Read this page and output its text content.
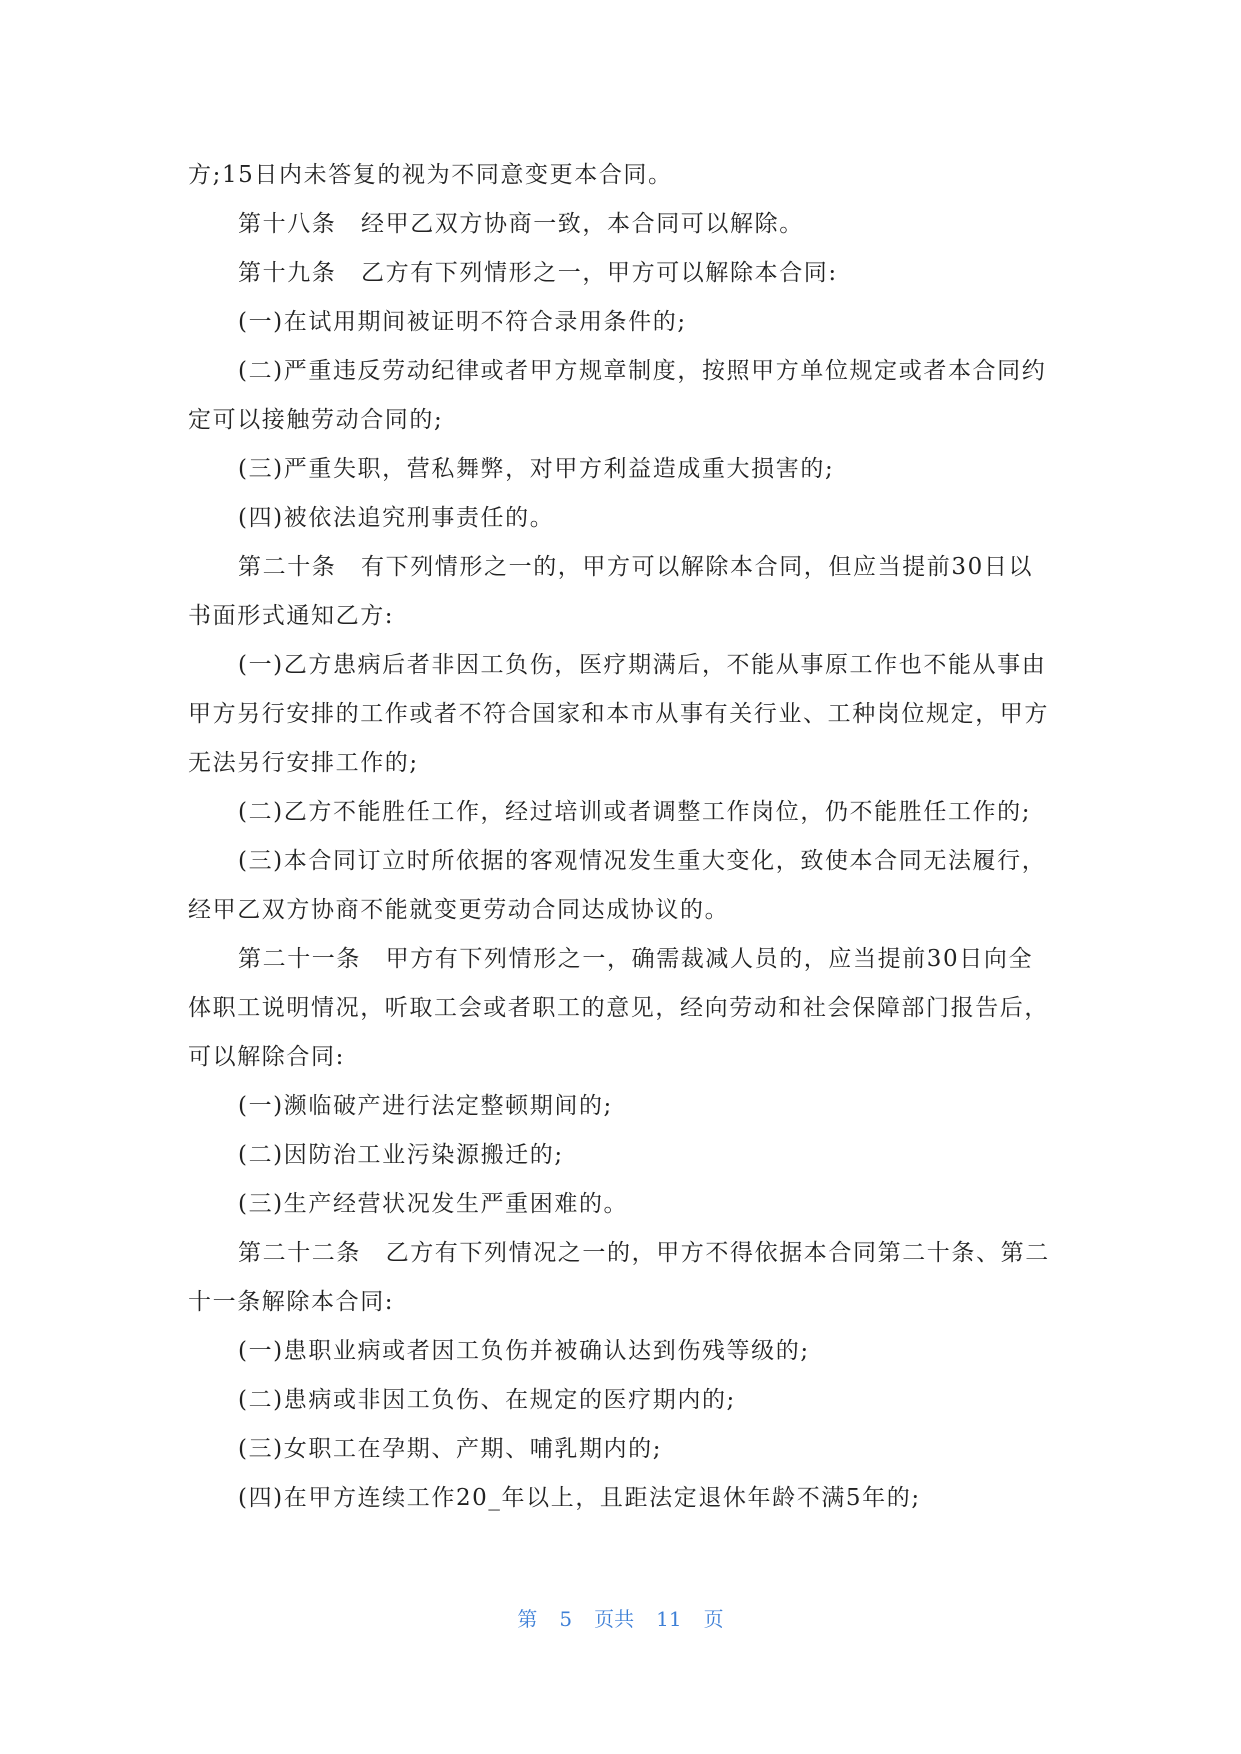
方;15日内未答复的视为不同意变更本合同。

第十八条　经甲乙双方协商一致，本合同可以解除。

第十九条　乙方有下列情形之一，甲方可以解除本合同:

(一)在试用期间被证明不符合录用条件的;

(二)严重违反劳动纪律或者甲方规章制度，按照甲方单位规定或者本合同约定可以接触劳动合同的;

(三)严重失职，营私舞弊，对甲方利益造成重大损害的;

(四)被依法追究刑事责任的。

第二十条　有下列情形之一的，甲方可以解除本合同，但应当提前30日以书面形式通知乙方:

(一)乙方患病后者非因工负伤，医疗期满后，不能从事原工作也不能从事由甲方另行安排的工作或者不符合国家和本市从事有关行业、工种岗位规定，甲方无法另行安排工作的;

(二)乙方不能胜任工作，经过培训或者调整工作岗位，仍不能胜任工作的;

(三)本合同订立时所依据的客观情况发生重大变化，致使本合同无法履行，经甲乙双方协商不能就变更劳动合同达成协议的。

第二十一条　甲方有下列情形之一，确需裁减人员的，应当提前30日向全体职工说明情况，听取工会或者职工的意见，经向劳动和社会保障部门报告后，可以解除合同:

(一)濒临破产进行法定整顿期间的;

(二)因防治工业污染源搬迁的;

(三)生产经营状况发生严重困难的。

第二十二条　乙方有下列情况之一的，甲方不得依据本合同第二十条、第二十一条解除本合同:

(一)患职业病或者因工负伤并被确认达到伤残等级的;

(二)患病或非因工负伤、在规定的医疗期内的;

(三)女职工在孕期、产期、哺乳期内的;

(四)在甲方连续工作20_年以上，且距法定退休年龄不满5年的;

第 5 页共 11 页
